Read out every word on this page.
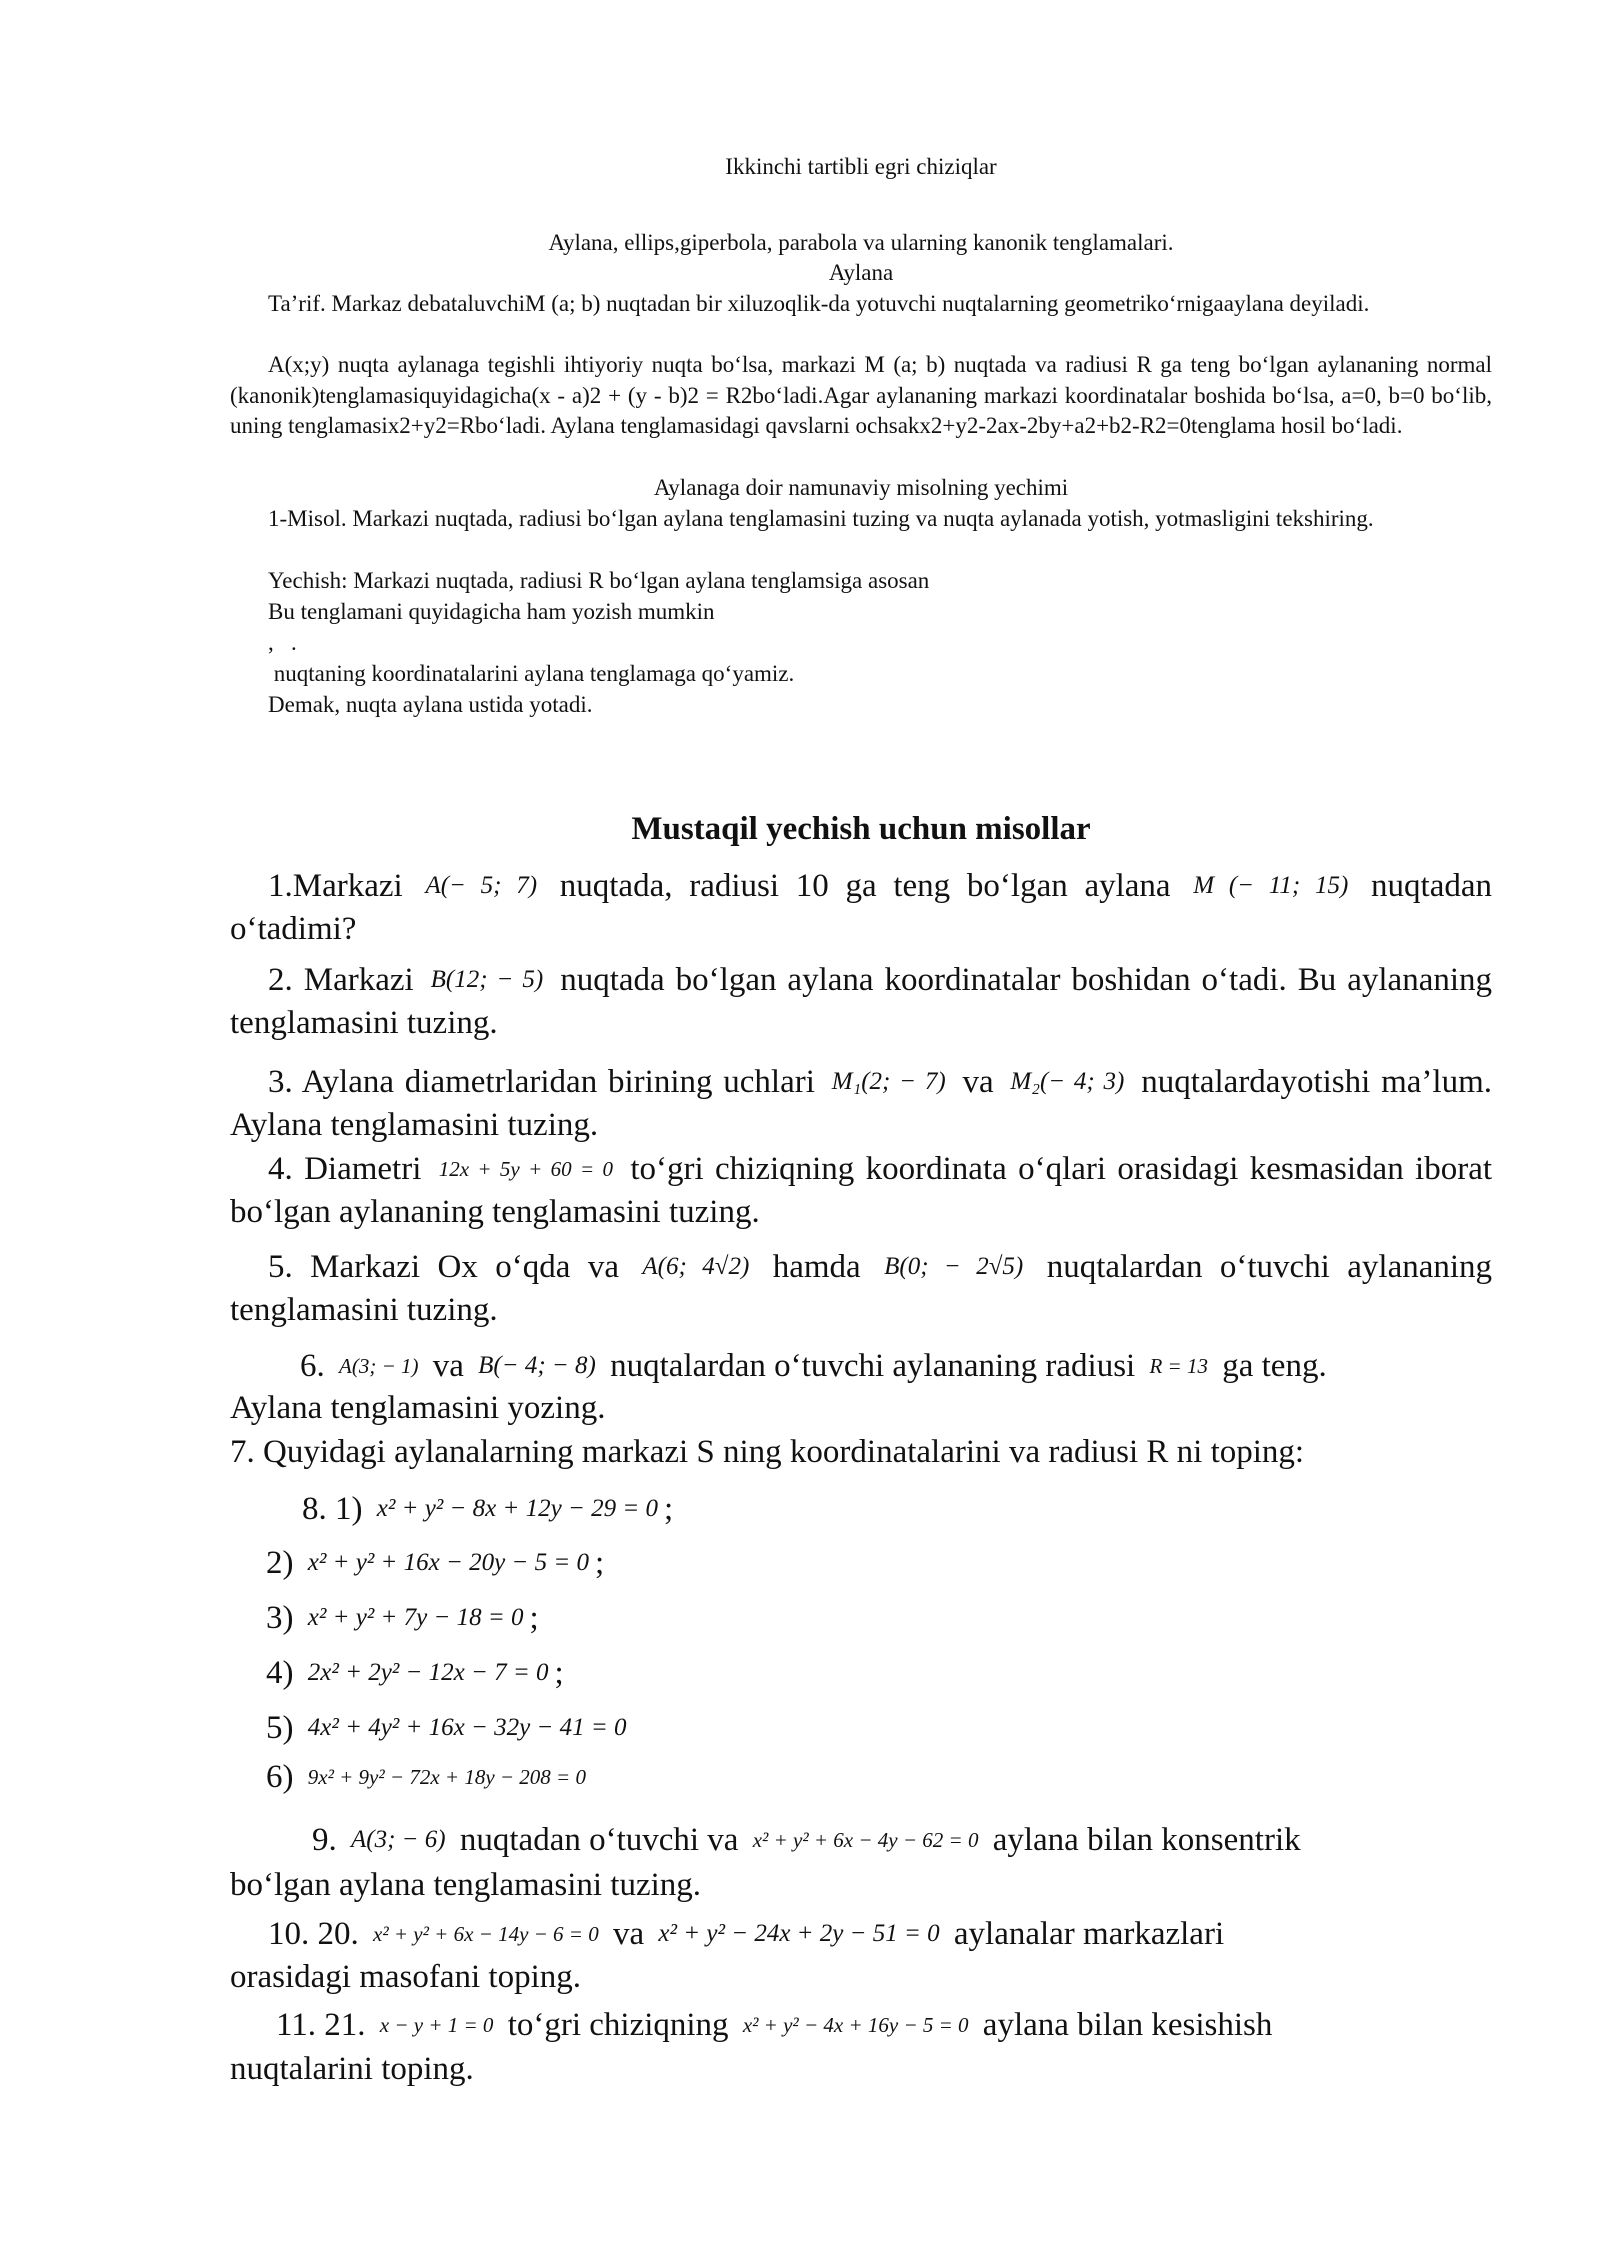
Ikkinchi tartibli egri chiziqlar

Aylana, ellips,giperbola, parabola va ularning kanonik tenglamalari.

Aylana

Ta’rif. Markaz debataluvchiM (a; b) nuqtadan bir xiluzoqlik-da yotuvchi nuqtalarning geometriko‘rnigaaylana deyiladi.

A(x;y) nuqta aylanaga tegishli ihtiyoriy nuqta bo‘lsa, markazi M (a; b) nuqtada va radiusi R ga teng bo‘lgan aylananing normal (kanonik)tenglamasiquyidagicha(x - a)2 + (y - b)2 = R2bo‘ladi.Agar aylananing markazi koordinatalar boshida bo‘lsa, a=0, b=0 bo‘lib, uning tenglamasix2+y2=Rbo‘ladi. Aylana tenglamasidagi qavslarni ochsakx2+y2-2ax-2by+a2+b2-R2=0tenglama hosil bo‘ladi.

Aylanaga doir namunaviy misolning yechimi

1-Misol. Markazi nuqtada, radiusi bo‘lgan aylana tenglamasini tuzing va nuqta aylanada yotish, yotmasligini tekshiring.

Yechish: Markazi nuqtada, radiusi R bo‘lgan aylana tenglamsiga asosan

Bu tenglamani quyidagicha ham yozish mumkin

,   .

nuqtaning koordinatalarini aylana tenglamaga qo‘yamiz.

Demak, nuqta aylana ustida yotadi.

Mustaqil yechish uchun misollar

1.Markazi A(− 5; 7) nuqtada, radiusi 10 ga teng bo‘lgan aylana M (− 11; 15) nuqtadan o‘tadimi?
2. Markazi B(12; − 5) nuqtada bo‘lgan aylana koordinatalar boshidan o‘tadi. Bu aylananing tenglamasini tuzing.
3. Aylana diametrlaridan birining uchlari M₁(2; − 7) va M₂(− 4; 3) nuqtalardayotishi ma’lum. Aylana tenglamasini tuzing.
4. Diametri 12x + 5y + 60 = 0 to‘gri chiziqning koordinata o‘qlari orasidagi kesmasidan iborat bo‘lgan aylananing tenglamasini tuzing.
5. Markazi Ox o‘qda va A(6; 4√2) hamda B(0; − 2√5) nuqtalardan o‘tuvchi aylananing tenglamasini tuzing.
6. A(3; − 1) va B(− 4; − 8) nuqtalardan o‘tuvchi aylananing radiusi R = 13 ga teng.

Aylana tenglamasini yozing.

7. Quyidagi aylanalarning markazi S ning koordinatalarini va radiusi R ni toping:

8. 1) x² + y² − 8x + 12y − 29 = 0 ;
2) x² + y² + 16x − 20y − 5 = 0 ;
3) x² + y² + 7y − 18 = 0 ;
4) 2x² + 2y² − 12x − 7 = 0 ;
5) 4x² + 4y² + 16x − 32y − 41 = 0
6) 9x² + 9y² − 72x + 18y − 208 = 0
9. A(3; − 6) nuqtadan o‘tuvchi va x² + y² + 6x − 4y − 62 = 0 aylana bilan konsentrik

bo‘lgan aylana tenglamasini tuzing.

10. 20. x² + y² + 6x − 14y − 6 = 0 va x² + y² − 24x + 2y − 51 = 0 aylanalar markazlari

orasidagi masofani toping.

11. 21. x − y + 1 = 0 to‘gri chiziqning x² + y² − 4x + 16y − 5 = 0 aylana bilan kesishish

nuqtalarini toping.
